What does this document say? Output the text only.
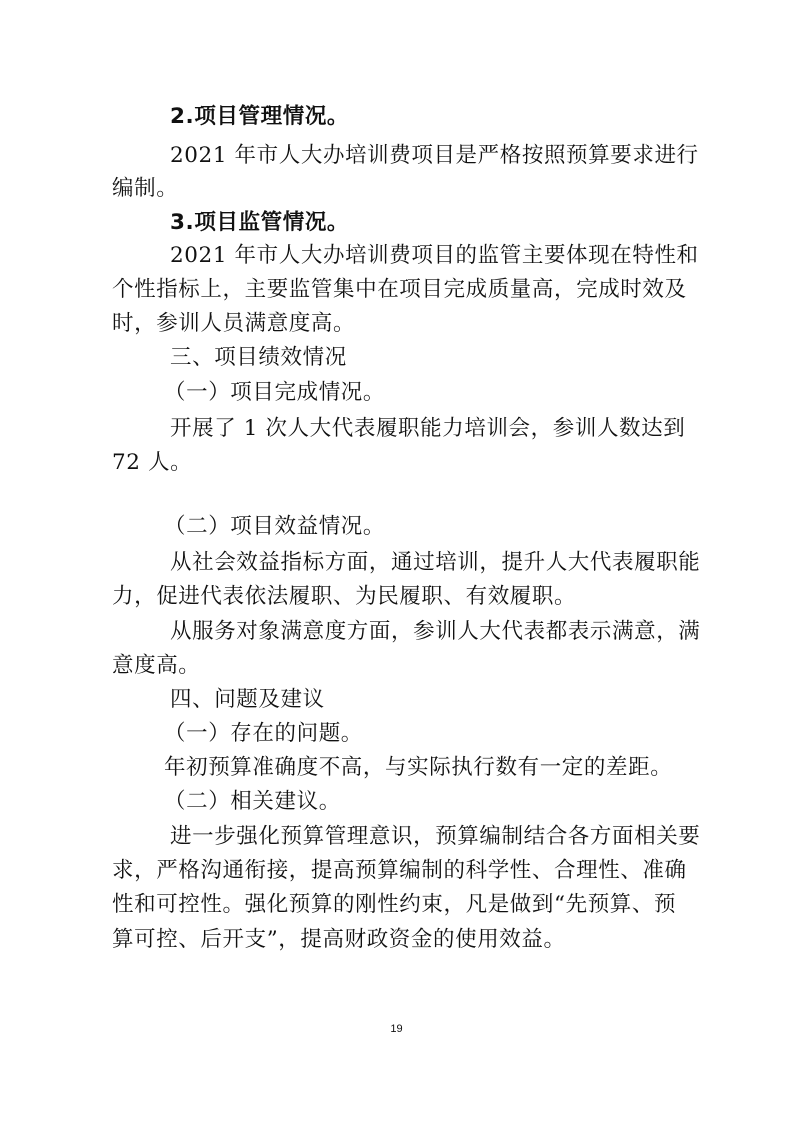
2.项目管理情况。
2021 年市人大办培训费项目是严格按照预算要求进行
编制。
3.项目监管情况。
2021 年市人大办培训费项目的监管主要体现在特性和
个性指标上，主要监管集中在项目完成质量高，完成时效及
时，参训人员满意度高。
三、项目绩效情况
（一）项目完成情况。
开展了 1 次人大代表履职能力培训会，参训人数达到
72 人。
（二）项目效益情况。
从社会效益指标方面，通过培训，提升人大代表履职能
力，促进代表依法履职、为民履职、有效履职。
从服务对象满意度方面，参训人大代表都表示满意，满
意度高。
四、问题及建议
（一）存在的问题。
年初预算准确度不高，与实际执行数有一定的差距。
（二）相关建议。
进一步强化预算管理意识，预算编制结合各方面相关要
求，严格沟通衔接，提高预算编制的科学性、合理性、准确
性和可控性。强化预算的刚性约束，凡是做到“先预算、预
算可控、后开支”，提高财政资金的使用效益。
19
